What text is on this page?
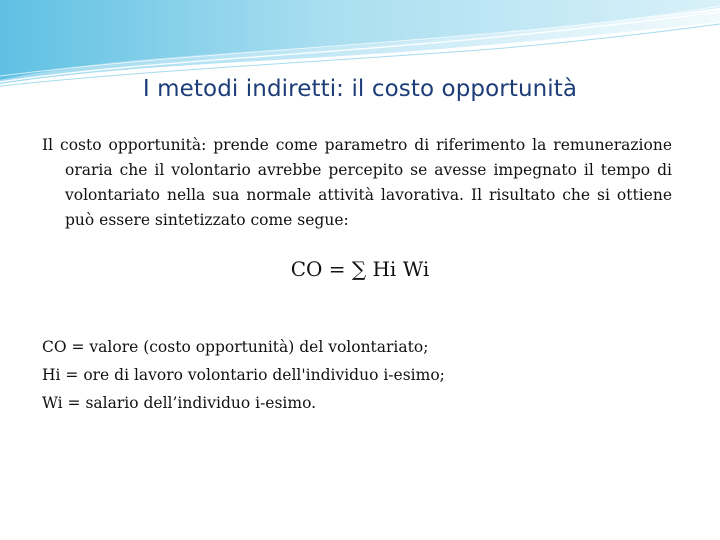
I metodi indiretti: il costo opportunità

Il costo opportunità: prende come parametro di riferimento la remunerazione oraria che il volontario avrebbe percepito se avesse impegnato il tempo di volontariato nella sua normale attività lavorativa. Il risultato che si ottiene può essere sintetizzato come segue:

CO = ∑ Hi Wi
CO = valore (costo opportunità) del volontariato;
Hi = ore di lavoro volontario dell'individuo i-esimo;
Wi = salario dell’individuo i-esimo.
